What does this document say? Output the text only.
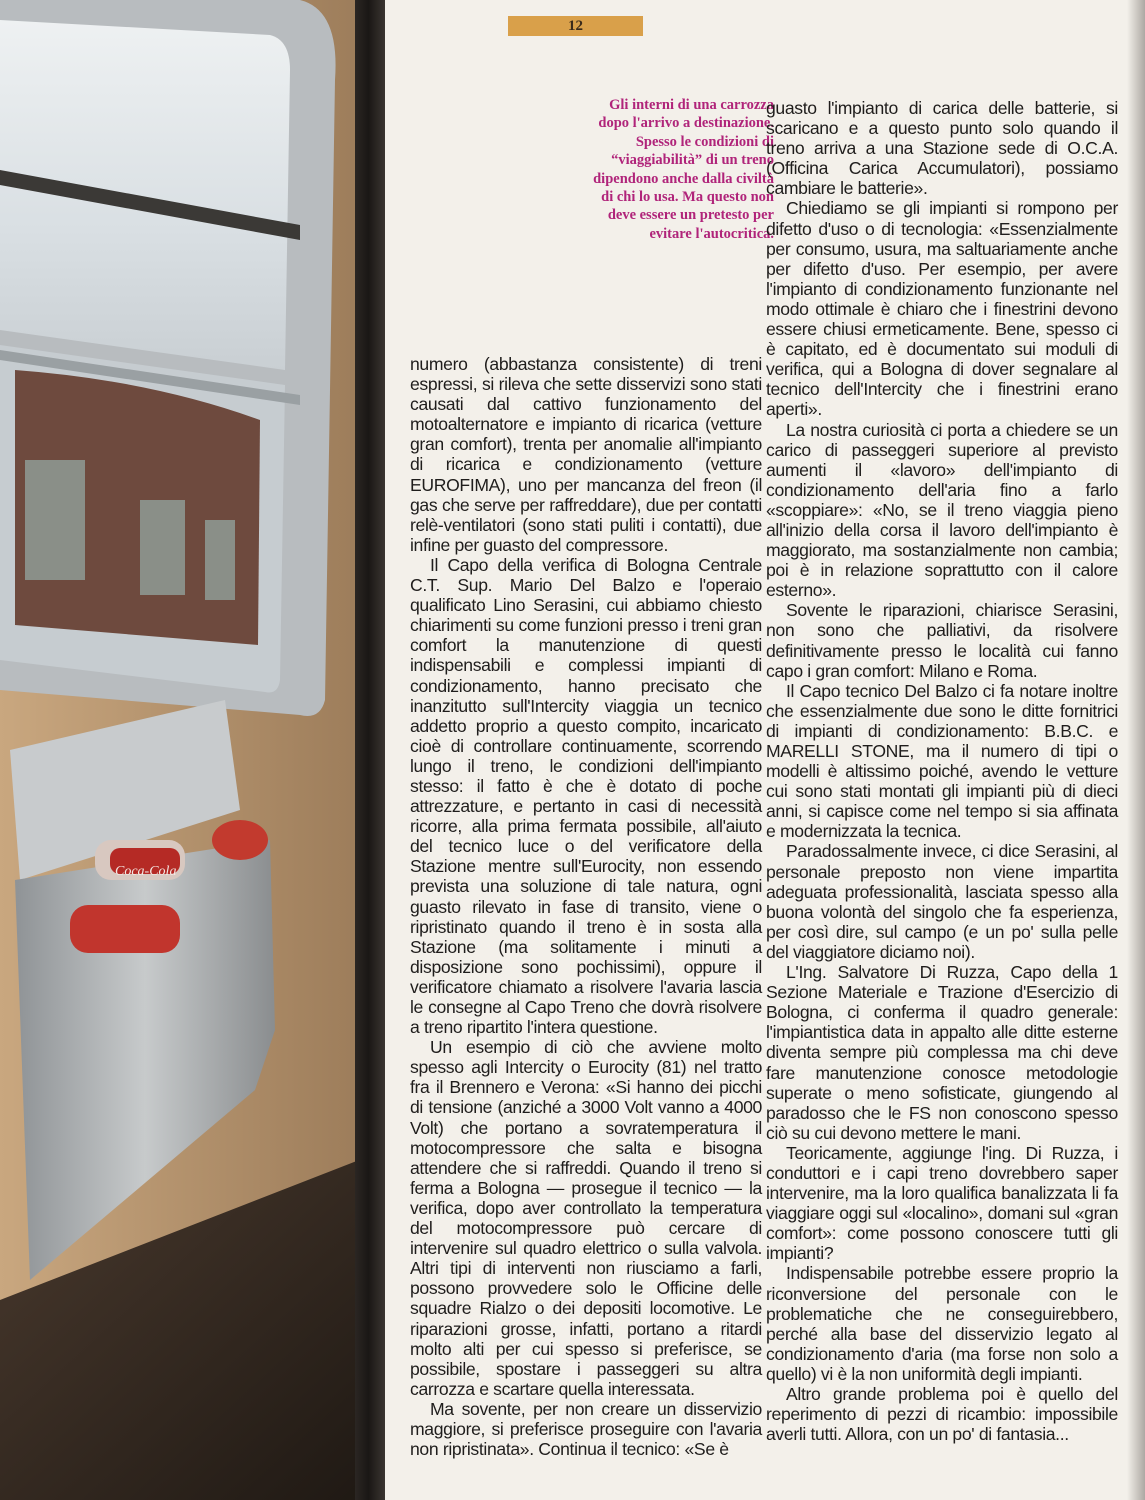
Coca-Cola
12

Gli interni di una carrozza dopo l'arrivo a destinazione. Spesso le condizioni di “viaggiabilità” di un treno dipendono anche dalla civiltà di chi lo usa. Ma questo non deve essere un pretesto per evitare l'autocritica.

numero (abbastanza consistente) di treni espressi, si rileva che sette disservizi sono stati causati dal cattivo funzionamento del motoalternatore e impianto di ricarica (vetture gran comfort), trenta per anomalie all'impianto di ricarica e condizionamento (vetture EUROFIMA), uno per mancanza del freon (il gas che serve per raffreddare), due per contatti relè-ventilatori (sono stati puliti i contatti), due infine per guasto del compressore.

Il Capo della verifica di Bologna Centrale C.T. Sup. Mario Del Balzo e l'operaio qualificato Lino Serasini, cui abbiamo chiesto chiarimenti su come funzioni presso i treni gran comfort la manutenzione di questi indispensabili e complessi impianti di condizionamento, hanno precisato che inanzitutto sull'Intercity viaggia un tecnico addetto proprio a questo compito, incaricato cioè di controllare continuamente, scorrendo lungo il treno, le condizioni dell'impianto stesso: il fatto è che è dotato di poche attrezzature, e pertanto in casi di necessità ricorre, alla prima fermata possibile, all'aiuto del tecnico luce o del verificatore della Stazione mentre sull'Eurocity, non essendo prevista una soluzione di tale natura, ogni guasto rilevato in fase di transito, viene o ripristinato quando il treno è in sosta alla Stazione (ma solitamente i minuti a disposizione sono pochissimi), oppure il verificatore chiamato a risolvere l'avaria lascia le consegne al Capo Treno che dovrà risolvere a treno ripartito l'intera questione.

Un esempio di ciò che avviene molto spesso agli Intercity o Eurocity (81) nel tratto fra il Brennero e Verona: «Si hanno dei picchi di tensione (anziché a 3000 Volt vanno a 4000 Volt) che portano a sovratemperatura il motocompressore che salta e bisogna attendere che si raffreddi. Quando il treno si ferma a Bologna — prosegue il tecnico — la verifica, dopo aver controllato la temperatura del motocompressore può cercare di intervenire sul quadro elettrico o sulla valvola. Altri tipi di interventi non riusciamo a farli, possono provvedere solo le Officine delle squadre Rialzo o dei depositi locomotive. Le riparazioni grosse, infatti, portano a ritardi molto alti per cui spesso si preferisce, se possibile, spostare i passeggeri su altra carrozza e scartare quella interessata.

Ma sovente, per non creare un disservizio maggiore, si preferisce proseguire con l'avaria non ripristinata». Continua il tecnico: «Se è

guasto l'impianto di carica delle batterie, si scaricano e a questo punto solo quando il treno arriva a una Stazione sede di O.C.A. (Officina Carica Accumulatori), possiamo cambiare le batterie».

Chiediamo se gli impianti si rompono per difetto d'uso o di tecnologia: «Essenzialmente per consumo, usura, ma saltuariamente anche per difetto d'uso. Per esempio, per avere l'impianto di condizionamento funzionante nel modo ottimale è chiaro che i finestrini devono essere chiusi ermeticamente. Bene, spesso ci è capitato, ed è documentato sui moduli di verifica, qui a Bologna di dover segnalare al tecnico dell'Intercity che i finestrini erano aperti».

La nostra curiosità ci porta a chiedere se un carico di passeggeri superiore al previsto aumenti il «lavoro» dell'impianto di condizionamento dell'aria fino a farlo «scoppiare»: «No, se il treno viaggia pieno all'inizio della corsa il lavoro dell'impianto è maggiorato, ma sostanzialmente non cambia; poi è in relazione soprattutto con il calore esterno».

Sovente le riparazioni, chiarisce Serasini, non sono che palliativi, da risolvere definitivamente presso le località cui fanno capo i gran comfort: Milano e Roma.

Il Capo tecnico Del Balzo ci fa notare inoltre che essenzialmente due sono le ditte fornitrici di impianti di condizionamento: B.B.C. e MARELLI STONE, ma il numero di tipi o modelli è altissimo poiché, avendo le vetture cui sono stati montati gli impianti più di dieci anni, si capisce come nel tempo si sia affinata e modernizzata la tecnica.

Paradossalmente invece, ci dice Serasini, al personale preposto non viene impartita adeguata professionalità, lasciata spesso alla buona volontà del singolo che fa esperienza, per così dire, sul campo (e un po' sulla pelle del viaggiatore diciamo noi).

L'Ing. Salvatore Di Ruzza, Capo della 1 Sezione Materiale e Trazione d'Esercizio di Bologna, ci conferma il quadro generale: l'impiantistica data in appalto alle ditte esterne diventa sempre più complessa ma chi deve fare manutenzione conosce metodologie superate o meno sofisticate, giungendo al paradosso che le FS non conoscono spesso ciò su cui devono mettere le mani.

Teoricamente, aggiunge l'ing. Di Ruzza, i conduttori e i capi treno dovrebbero saper intervenire, ma la loro qualifica banalizzata li fa viaggiare oggi sul «localino», domani sul «gran comfort»: come possono conoscere tutti gli impianti?

Indispensabile potrebbe essere proprio la riconversione del personale con le problematiche che ne conseguirebbero, perché alla base del disservizio legato al condizionamento d'aria (ma forse non solo a quello) vi è la non uniformità degli impianti.

Altro grande problema poi è quello del reperimento di pezzi di ricambio: impossibile averli tutti. Allora, con un po' di fantasia...
